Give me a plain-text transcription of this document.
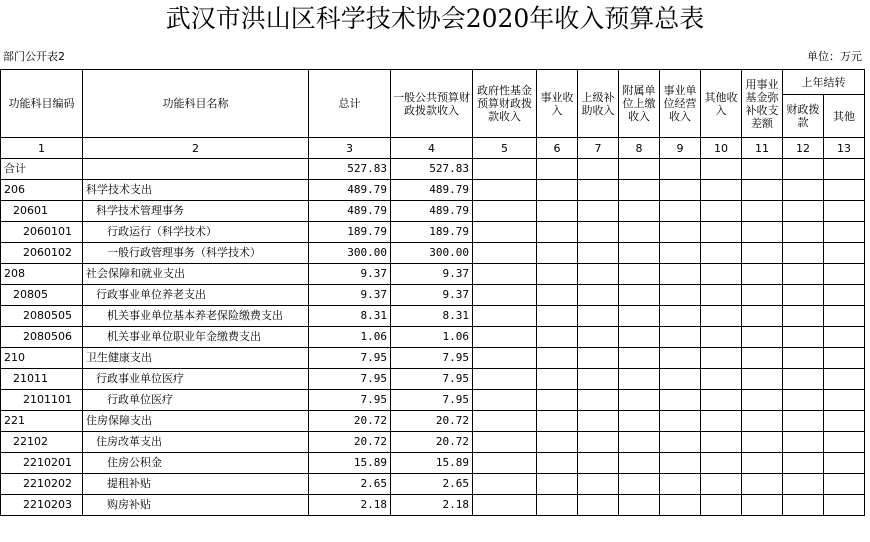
武汉市洪山区科学技术协会2020年收入预算总表
部门公开表2	单位：万元
功能科目编码	功能科目名称	总计	一般公共预算财政拨款收入	政府性基金预算财政拨款收入	事业收入	上级补助收入	附属单位上缴收入	事业单位经营收入	其他收入	用事业基金弥补收支差额	上年结转	
											财政拨款	其他
1	2	3	4	5	6	7	8	9	10	11	12	13
合计		527.83	527.83									
206	科学技术支出	489.79	489.79									
20601	科学技术管理事务	489.79	489.79									
2060101	行政运行（科学技术）	189.79	189.79									
2060102	一般行政管理事务（科学技术）	300.00	300.00									
208	社会保障和就业支出	9.37	9.37									
20805	行政事业单位养老支出	9.37	9.37									
2080505	机关事业单位基本养老保险缴费支出	8.31	8.31									
2080506	机关事业单位职业年金缴费支出	1.06	1.06									
210	卫生健康支出	7.95	7.95									
21011	行政事业单位医疗	7.95	7.95									
2101101	行政单位医疗	7.95	7.95									
221	住房保障支出	20.72	20.72									
22102	住房改革支出	20.72	20.72									
2210201	住房公积金	15.89	15.89									
2210202	提租补贴	2.65	2.65									
2210203	购房补贴	2.18	2.18									
